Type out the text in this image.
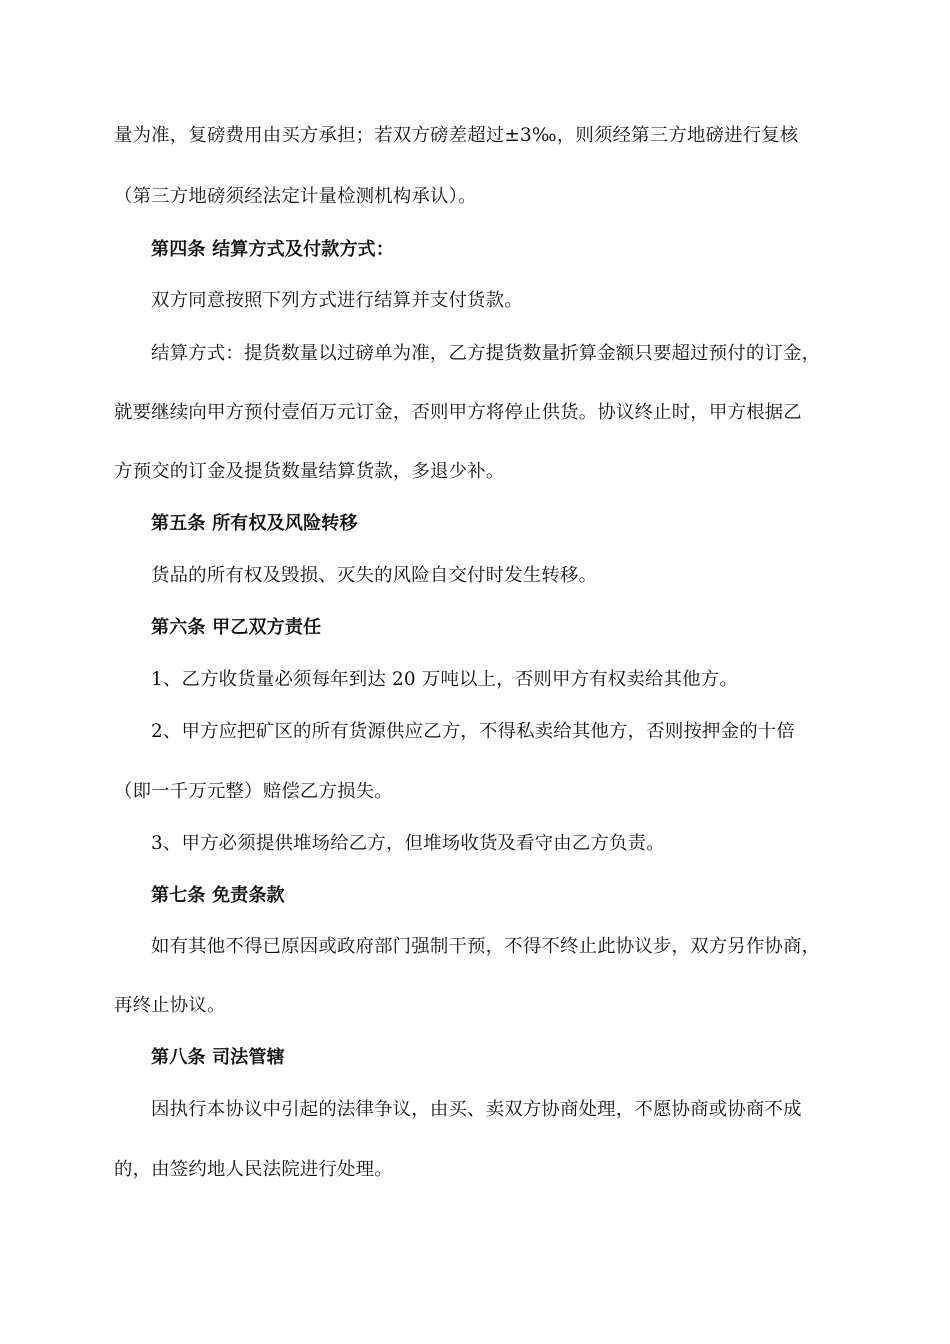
量为准，复磅费用由买方承担；若双方磅差超过±3‰，则须经第三方地磅进行复核
（第三方地磅须经法定计量检测机构承认）。
第四条 结算方式及付款方式：
双方同意按照下列方式进行结算并支付货款。
结算方式：提货数量以过磅单为准，乙方提货数量折算金额只要超过预付的订金，
就要继续向甲方预付壹佰万元订金，否则甲方将停止供货。协议终止时，甲方根据乙
方预交的订金及提货数量结算货款，多退少补。
第五条 所有权及风险转移
货品的所有权及毁损、灭失的风险自交付时发生转移。
第六条 甲乙双方责任
1、乙方收货量必须每年到达 20 万吨以上，否则甲方有权卖给其他方。
2、甲方应把矿区的所有货源供应乙方，不得私卖给其他方，否则按押金的十倍
（即一千万元整）赔偿乙方损失。
3、甲方必须提供堆场给乙方，但堆场收货及看守由乙方负责。
第七条 免责条款
如有其他不得已原因或政府部门强制干预，不得不终止此协议步，双方另作协商，
再终止协议。
第八条 司法管辖
因执行本协议中引起的法律争议，由买、卖双方协商处理，不愿协商或协商不成
的，由签约地人民法院进行处理。
